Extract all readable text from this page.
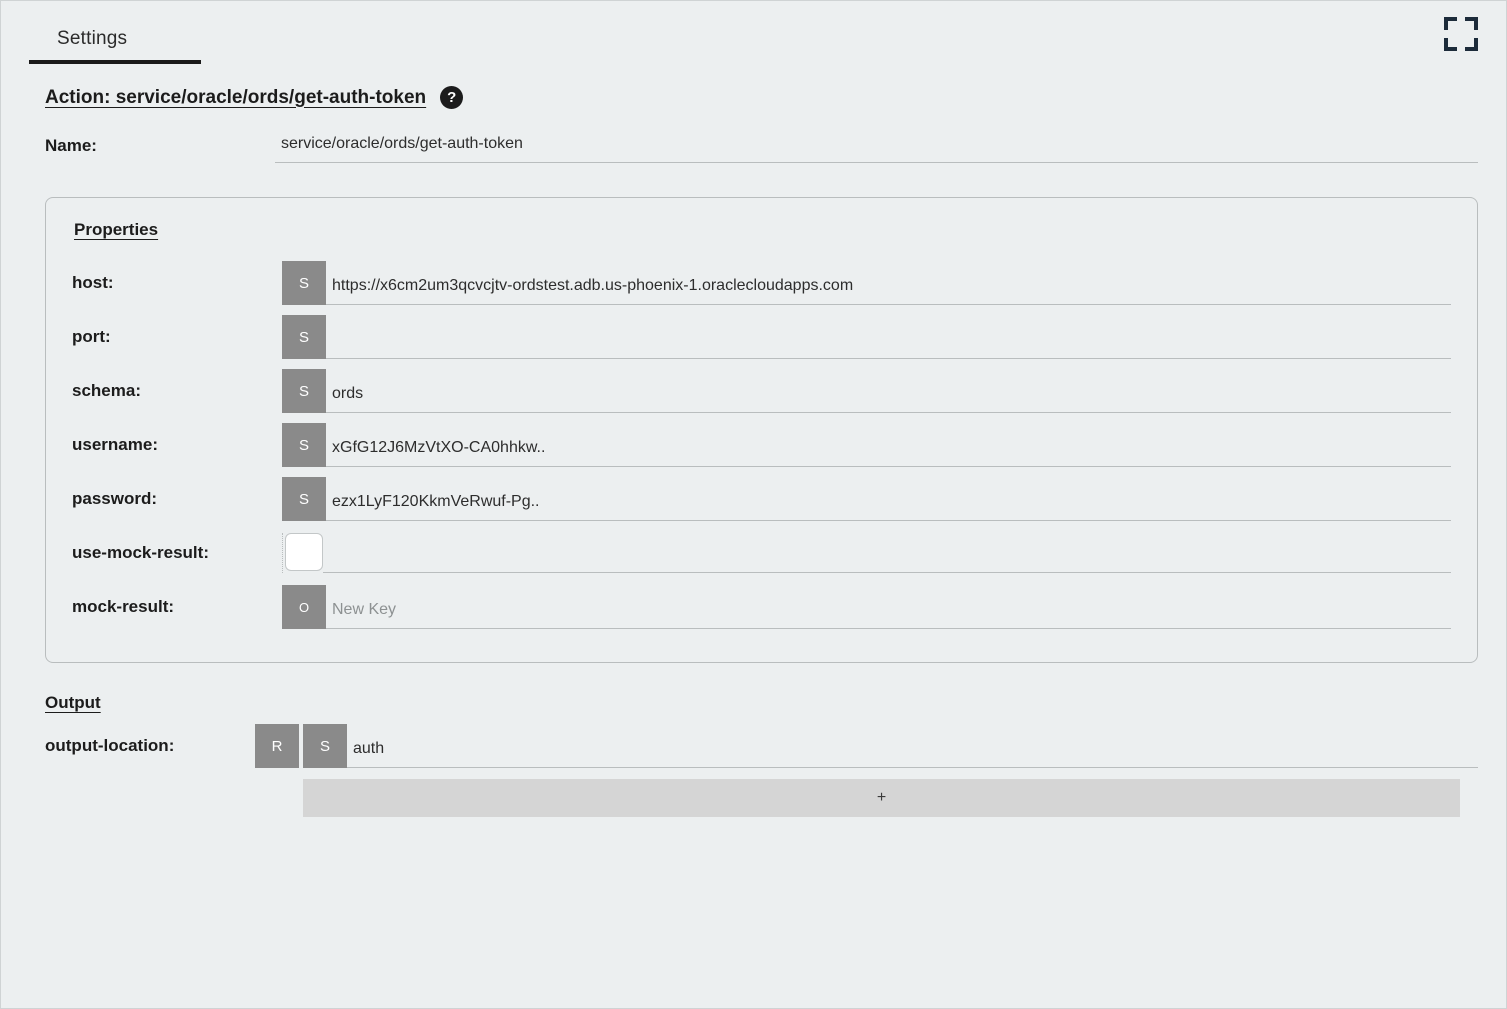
Settings
Action: service/oracle/ords/get-auth-token	?
Name:
service/oracle/ords/get-auth-token
Properties
host:	S
https://x6cm2um3qcvcjtv-ordstest.adb.us-phoenix-1.oraclecloudapps.com
port:	S
schema:	S
ords
username:	S
xGfG12J6MzVtXO-CA0hhkw..
password:	S
ezx1LyF120KkmVeRwuf-Pg..
use-mock-result:
mock-result:	O
New Key
Output
output-location:	R	S
auth
+
